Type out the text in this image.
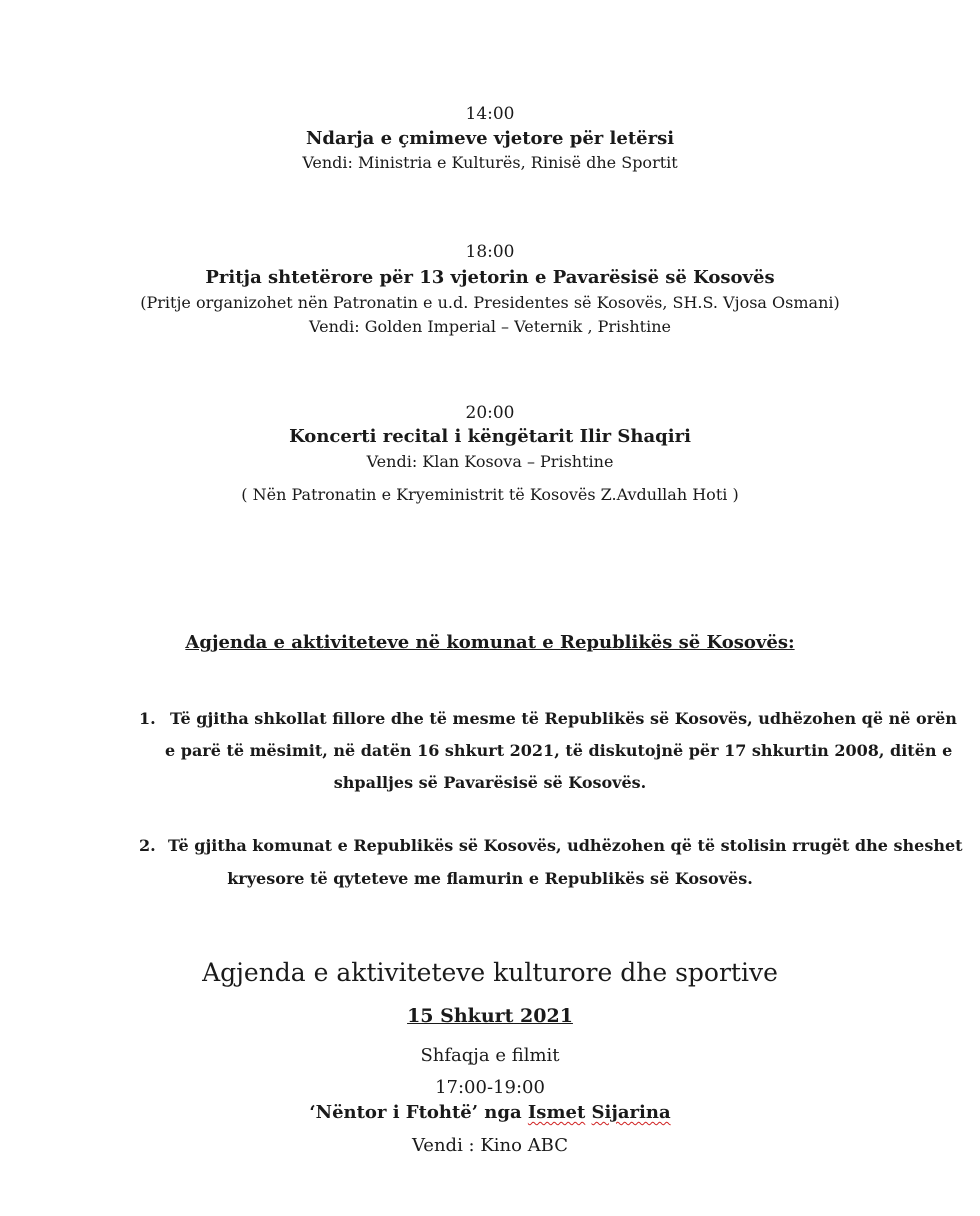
14:00
Ndarja e çmimeve vjetore për letërsi
Vendi: Ministria e Kulturës, Rinisë dhe Sportit
18:00
Pritja shtetërore për 13 vjetorin e Pavarësisë së Kosovës
(Pritje organizohet nën Patronatin e u.d. Presidentes së Kosovës, SH.S. Vjosa Osmani)
Vendi: Golden Imperial – Veternik , Prishtine
20:00
Koncerti recital i këngëtarit Ilir Shaqiri
Vendi: Klan Kosova – Prishtine
( Nën Patronatin e Kryeministrit të Kosovës Z.Avdullah Hoti )
Agjenda e aktiviteteve në komunat e Republikës së Kosovës:
1. Të gjitha shkollat fillore dhe të mesme të Republikës së Kosovës, udhëzohen që në orën
e parë të mësimit, në datën 16 shkurt 2021, të diskutojnë për 17 shkurtin 2008, ditën e
shpalljes së Pavarësisë së Kosovës.
2. Të gjitha komunat e Republikës së Kosovës, udhëzohen që të stolisin rrugët dhe sheshet
kryesore të qyteteve me flamurin e Republikës së Kosovës.
Agjenda e aktiviteteve kulturore dhe sportive
15 Shkurt 2021
Shfaqja e filmit
17:00-19:00
‘Nëntor i Ftohtë’ nga Ismet Sijarina
Vendi : Kino ABC
